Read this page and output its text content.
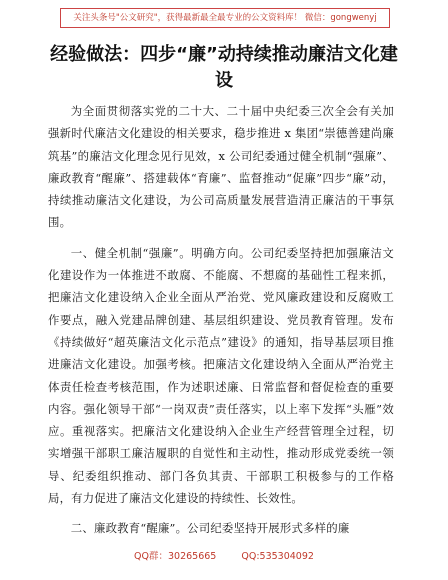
关注头条号"公文研究"，获得最新最全最专业的公文资料库！ 微信：gongwenyj
经验做法：四步“廉”动持续推动廉洁文化建设

为全面贯彻落实党的二十大、二十届中央纪委三次全会有关加强新时代廉洁文化建设的相关要求，稳步推进 x 集团“崇德善建尚廉筑基”的廉洁文化理念见行见效，x 公司纪委通过健全机制“强廉”、廉政教育“醒廉”、搭建载体“育廉”、监督推动“促廉”四步“廉”动，持续推动廉洁文化建设，为公司高质量发展营造清正廉洁的干事氛围。

一、健全机制“强廉”。明确方向。公司纪委坚持把加强廉洁文化建设作为一体推进不敢腐、不能腐、不想腐的基础性工程来抓，把廉洁文化建设纳入企业全面从严治党、党风廉政建设和反腐败工作要点，融入党建品牌创建、基层组织建设、党员教育管理。发布《持续做好“超英廉洁文化示范点”建设》的通知，指导基层项目推进廉洁文化建设。加强考核。把廉洁文化建设纳入全面从严治党主体责任检查考核范围，作为述职述廉、日常监督和督促检查的重要内容。强化领导干部“一岗双责”责任落实，以上率下发挥“头雁”效应。重视落实。把廉洁文化建设纳入企业生产经营管理全过程，切实增强干部职工廉洁履职的自觉性和主动性，推动形成党委统一领导、纪委组织推动、部门各负其责、干部职工积极参与的工作格局，有力促进了廉洁文化建设的持续性、长效性。

二、廉政教育“醒廉”。公司纪委坚持开展形式多样的廉

QQ群：30265665	QQ:535304092
